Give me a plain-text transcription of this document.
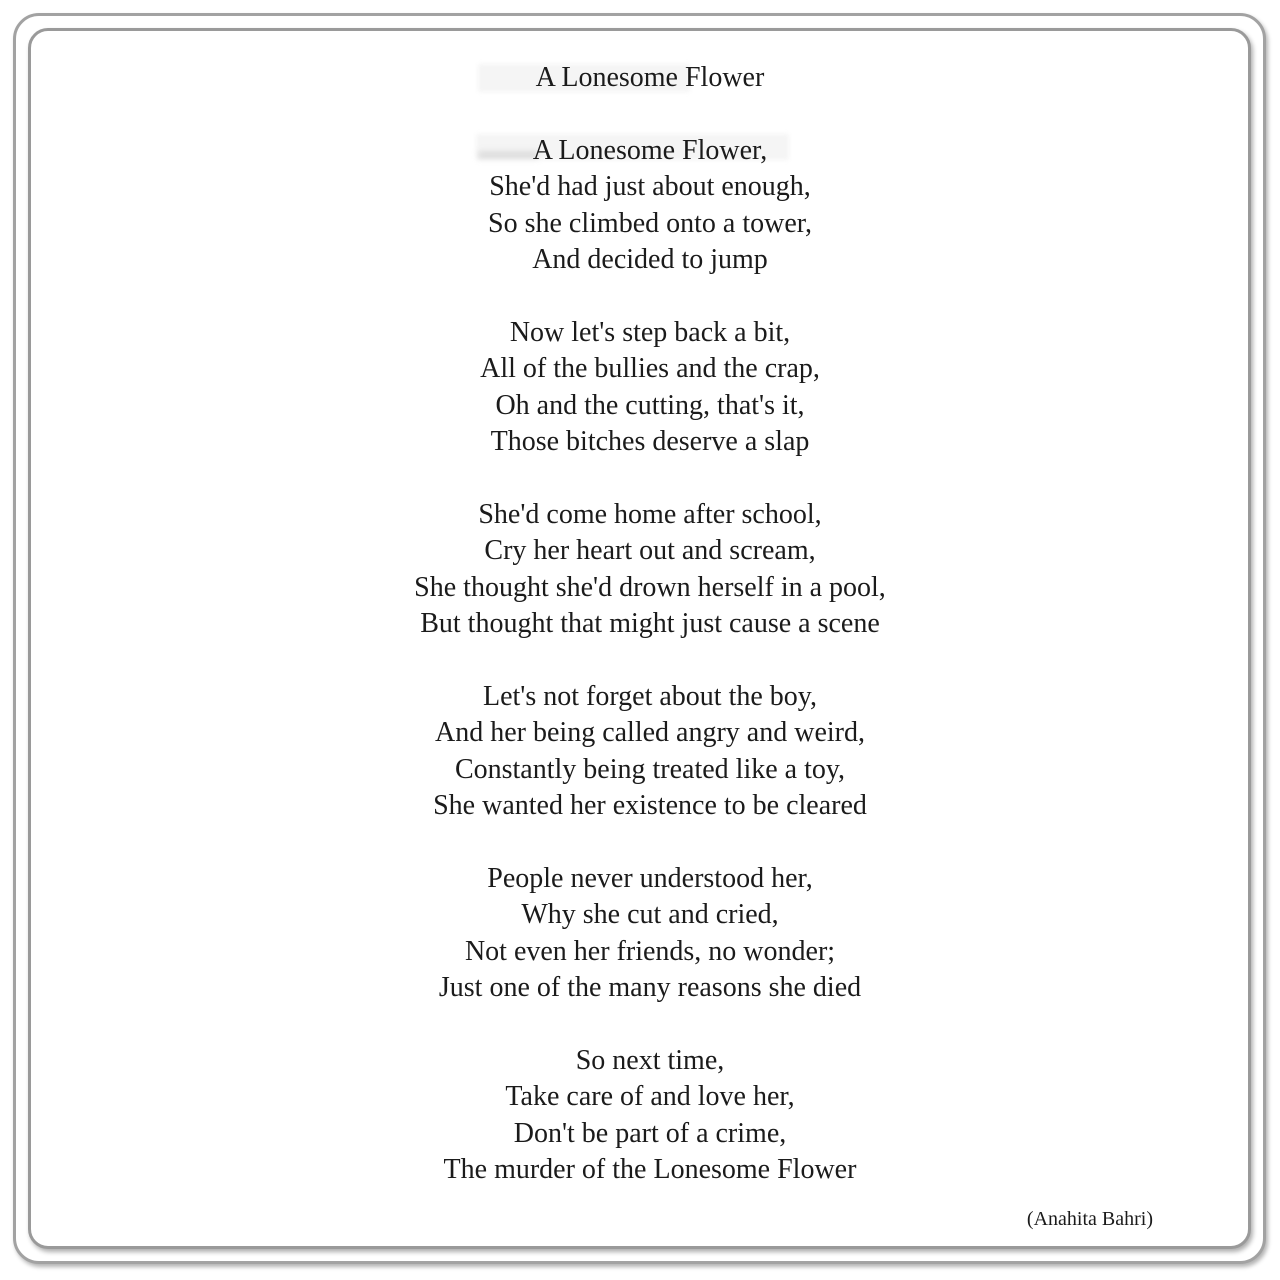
A Lonesome Flower
A Lonesome Flower,
She'd had just about enough,
So she climbed onto a tower,
And decided to jump
Now let's step back a bit,
All of the bullies and the crap,
Oh and the cutting, that's it,
Those bitches deserve a slap
She'd come home after school,
Cry her heart out and scream,
She thought she'd drown herself in a pool,
But thought that might just cause a scene
Let's not forget about the boy,
And her being called angry and weird,
Constantly being treated like a toy,
She wanted her existence to be cleared
People never understood her,
Why she cut and cried,
Not even her friends, no wonder;
Just one of the many reasons she died
So next time,
Take care of and love her,
Don't be part of a crime,
The murder of the Lonesome Flower
(Anahita Bahri)
